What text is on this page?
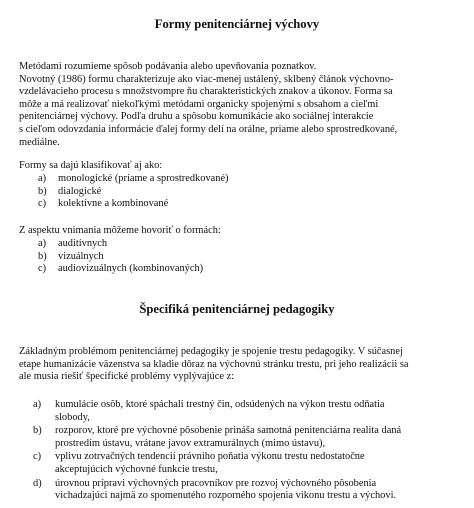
Formy penitenciárnej výchovy
Metódami rozumieme spôsob podávania alebo upevňovania poznatkov.
Novotný (1986) formu charakterizuje ako viac-menej ustálený, sklbený článok výchovno-
vzdelávacieho procesu s množstvompre ňu charakteristických znakov a úkonov. Forma sa
môže a má realizovať niekoľkými metódami organicky spojenými s obsahom a cieľmi
penitenciárnej výchovy. Podľa druhu a spôsobu komunikácie ako sociálnej interakcie
s cieľom odovzdania informácie ďalej formy delí na orálne, priame alebo sprostredkované,
mediálne.

Formy sa dajú klasifikovať aj ako:

a) monologické (priame a sprostredkované)
b) dialogické
c) kolektívne a kombinované

Z aspektu vnímania môžeme hovoriť o formách:

a) auditívnych
b) vizuálnych
c) audiovizuálnych (kombinovaných)
Špecifiká penitenciárnej pedagogiky
Základným problémom penitenciárnej pedagogiky je spojenie trestu pedagogiky. V súčasnej
etape humanizácie väzenstva sa kladie dôraz na výchovnú stránku trestu, pri jeho realizácii sa
ale musia riešiť špecifické problémy vyplývajúce z:
a) kumulácie osôb, ktoré spáchali trestný čin, odsúdených na výkon trestu odňatia
slobody,
b) rozporov, ktoré pre výchovné pôsobenie prináša samotná penitenciárna realita daná
prostredím ústavu, vrátane javov extramurálnych (mimo ústavu),
c) vplivu zotrvačných tendencií právniho poňatia výkonu trestu nedostatočne
akceptujúcich výchovné funkcie trestu,
d) úrovnou prípravi výchovných pracovníkov pre rozvoj výchovného pôsobenia
vichadzajúci najmä zo spomenutého rozporného spojenia vikonu trestu a výchovi.
